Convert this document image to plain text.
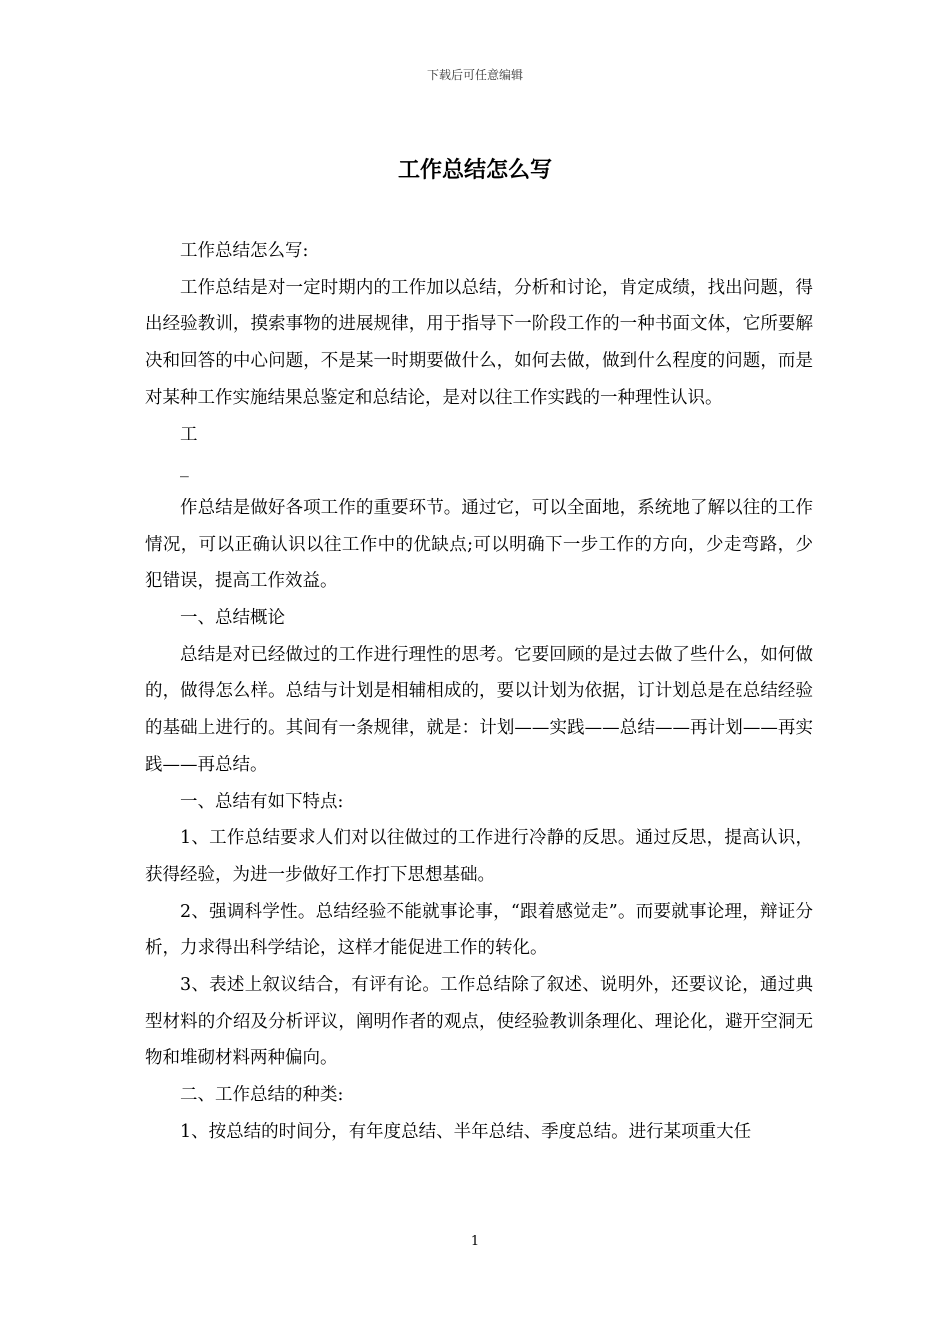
下载后可任意编辑
工作总结怎么写

工作总结怎么写:

工作总结是对一定时期内的工作加以总结，分析和讨论，肯定成绩，找出问题，得出经验教训，摸索事物的进展规律，用于指导下一阶段工作的一种书面文体，它所要解决和回答的中心问题，不是某一时期要做什么，如何去做，做到什么程度的问题，而是对某种工作实施结果总鉴定和总结论，是对以往工作实践的一种理性认识。

工

_

作总结是做好各项工作的重要环节。通过它，可以全面地，系统地了解以往的工作情况，可以正确认识以往工作中的优缺点;可以明确下一步工作的方向，少走弯路，少犯错误，提高工作效益。

一、总结概论

总结是对已经做过的工作进行理性的思考。它要回顾的是过去做了些什么，如何做的，做得怎么样。总结与计划是相辅相成的，要以计划为依据，订计划总是在总结经验的基础上进行的。其间有一条规律，就是：计划——实践——总结——再计划——再实践——再总结。

一、总结有如下特点:

1、工作总结要求人们对以往做过的工作进行冷静的反思。通过反思，提高认识，获得经验，为进一步做好工作打下思想基础。

2、强调科学性。总结经验不能就事论事，“跟着感觉走”。而要就事论理，辩证分析，力求得出科学结论，这样才能促进工作的转化。

3、表述上叙议结合，有评有论。工作总结除了叙述、说明外，还要议论，通过典型材料的介绍及分析评议，阐明作者的观点，使经验教训条理化、理论化，避开空洞无物和堆砌材料两种偏向。

二、工作总结的种类:

1、按总结的时间分，有年度总结、半年总结、季度总结。进行某项重大任

1
